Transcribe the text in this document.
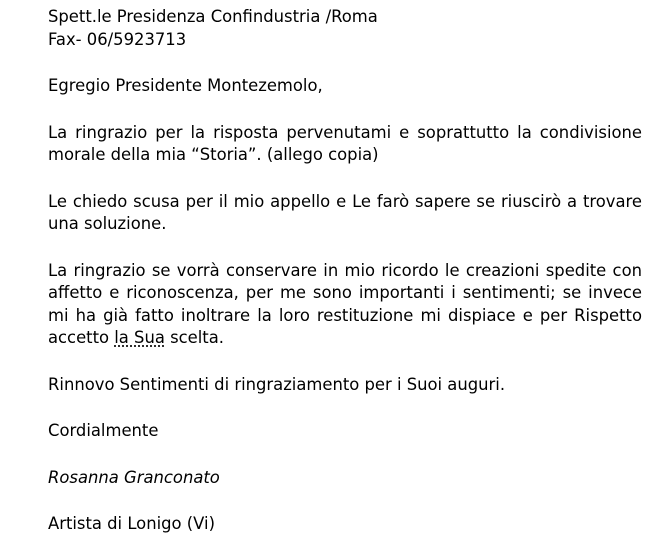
Spett.le Presidenza Confindustria /Roma

Fax- 06/5923713

Egregio Presidente Montezemolo,

La ringrazio per la risposta pervenutami e soprattutto la condivisione morale della mia “Storia”. (allego copia)

Le chiedo scusa per il mio appello e Le farò sapere se riuscirò a trovare una soluzione.

La ringrazio se vorrà conservare in mio ricordo le creazioni spedite con affetto e riconoscenza, per me sono importanti i sentimenti; se invece mi ha già fatto inoltrare la loro restituzione mi dispiace e per Rispetto accetto la Sua scelta.

Rinnovo Sentimenti di ringraziamento per i Suoi auguri.

Cordialmente

Rosanna Granconato

Artista di Lonigo (Vi)
